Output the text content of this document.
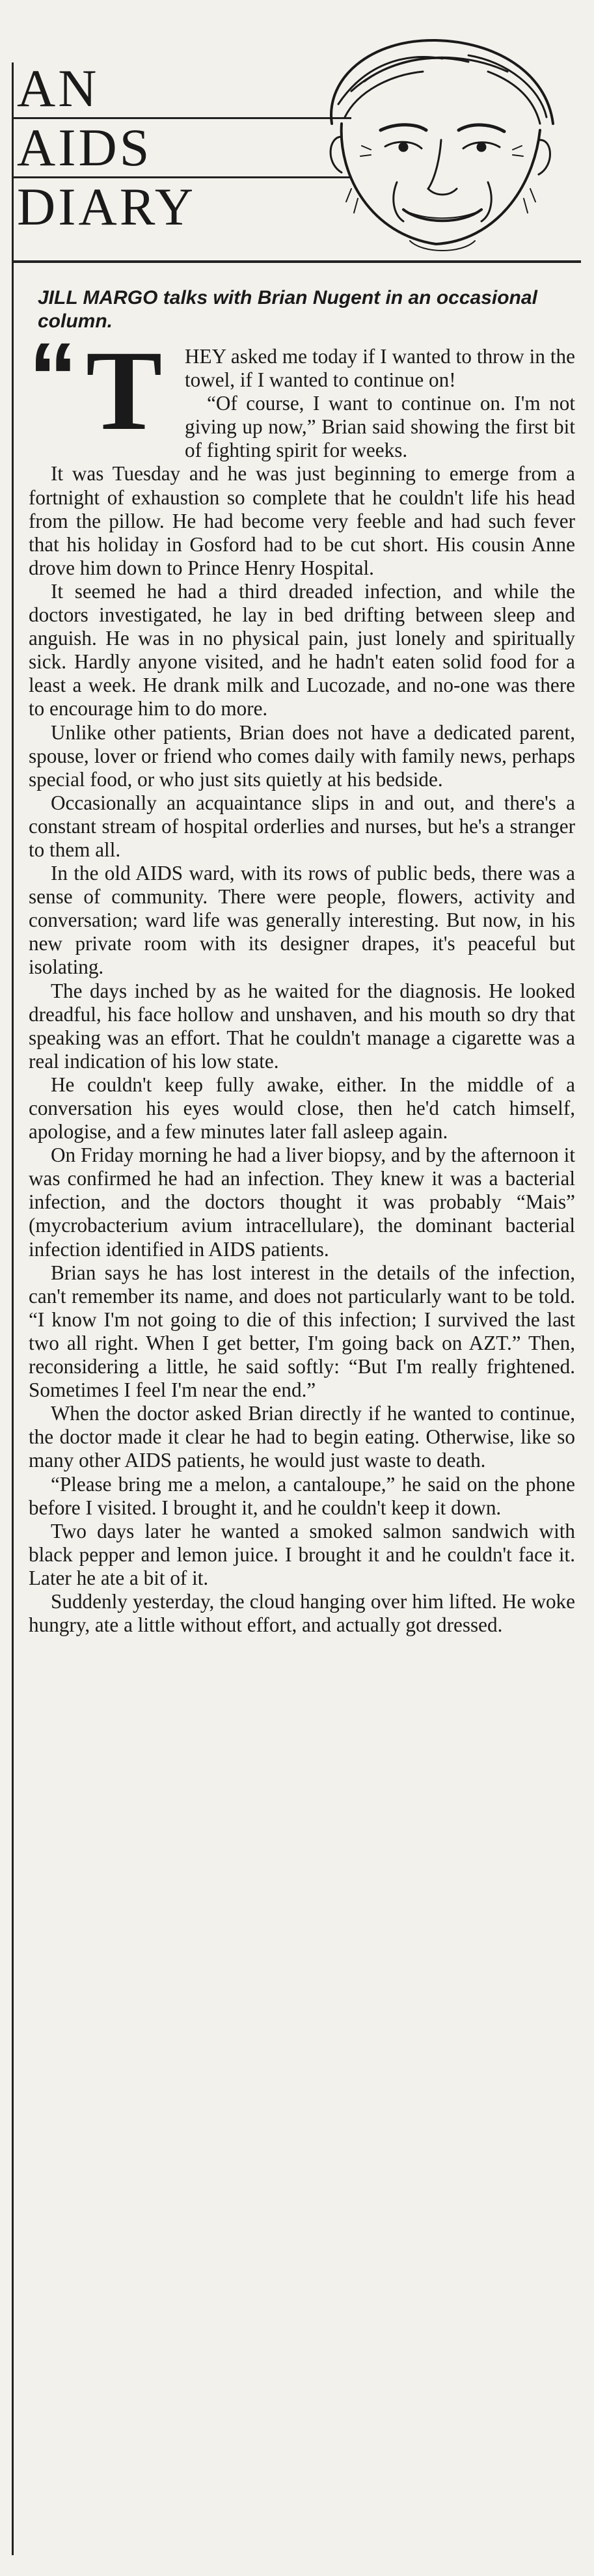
AN
AIDS
DIARY
JILL MARGO talks with Brian Nugent in an occasional column.
“ T	HEY asked me today if I wanted to throw in the towel, if I wanted to continue on!

“Of course, I want to continue on. I'm not giving up now,” Brian said showing the first bit of fighting spirit for weeks.

It was Tuesday and he was just beginning to emerge from a fortnight of exhaustion so complete that he couldn't life his head from the pillow. He had become very feeble and had such fever that his holiday in Gosford had to be cut short. His cousin Anne drove him down to Prince Henry Hospital.

It seemed he had a third dreaded infection, and while the doctors investigated, he lay in bed drifting between sleep and anguish. He was in no physical pain, just lonely and spiritually sick. Hardly anyone visited, and he hadn't eaten solid food for a least a week. He drank milk and Lucozade, and no-one was there to encourage him to do more.

Unlike other patients, Brian does not have a dedicated parent, spouse, lover or friend who comes daily with family news, perhaps special food, or who just sits quietly at his bedside.

Occasionally an acquaintance slips in and out, and there's a constant stream of hospital orderlies and nurses, but he's a stranger to them all.

In the old AIDS ward, with its rows of public beds, there was a sense of community. There were people, flowers, activity and conversation; ward life was generally interesting. But now, in his new private room with its designer drapes, it's peaceful but isolating.

The days inched by as he waited for the diagnosis. He looked dreadful, his face hollow and unshaven, and his mouth so dry that speaking was an effort. That he couldn't manage a cigarette was a real indication of his low state.

He couldn't keep fully awake, either. In the middle of a conversation his eyes would close, then he'd catch himself, apologise, and a few minutes later fall asleep again.

On Friday morning he had a liver biopsy, and by the afternoon it was confirmed he had an infection. They knew it was a bacterial infection, and the doctors thought it was probably “Mais” (mycrobacterium avium intracellulare), the dominant bacterial infection identified in AIDS patients.

Brian says he has lost interest in the details of the infection, can't remember its name, and does not particularly want to be told. “I know I'm not going to die of this infection; I survived the last two all right. When I get better, I'm going back on AZT.” Then, reconsidering a little, he said softly: “But I'm really frightened. Sometimes I feel I'm near the end.”

When the doctor asked Brian directly if he wanted to continue, the doctor made it clear he had to begin eating. Otherwise, like so many other AIDS patients, he would just waste to death.

“Please bring me a melon, a cantaloupe,” he said on the phone before I visited. I brought it, and he couldn't keep it down.

Two days later he wanted a smoked salmon sandwich with black pepper and lemon juice. I brought it and he couldn't face it. Later he ate a bit of it.

Suddenly yesterday, the cloud hanging over him lifted. He woke hungry, ate a little without effort, and actually got dressed.
